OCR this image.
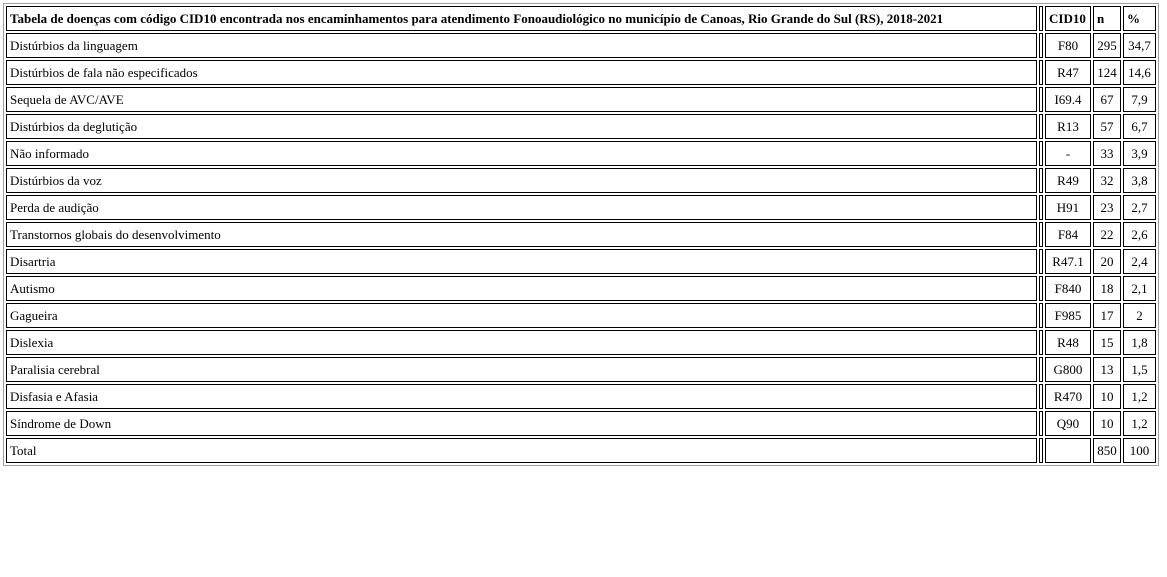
Tabela de doenças com código CID10 encontrada nos encaminhamentos para atendimento Fonoaudiológico no município de Canoas, Rio Grande do Sul (RS), 2018-2021		CID10	n	%
Distúrbios da linguagem		F80	295	34,7
Distúrbios de fala não especificados		R47	124	14,6
Sequela de AVC/AVE		I69.4	67	7,9
Distúrbios da deglutição		R13	57	6,7
Não informado		-	33	3,9
Distúrbios da voz		R49	32	3,8
Perda de audição		H91	23	2,7
Transtornos globais do desenvolvimento		F84	22	2,6
Disartria		R47.1	20	2,4
Autismo		F840	18	2,1
Gagueira		F985	17	2
Dislexia		R48	15	1,8
Paralisia cerebral		G800	13	1,5
Disfasia e Afasia		R470	10	1,2
Síndrome de Down		Q90	10	1,2
Total			850	100
